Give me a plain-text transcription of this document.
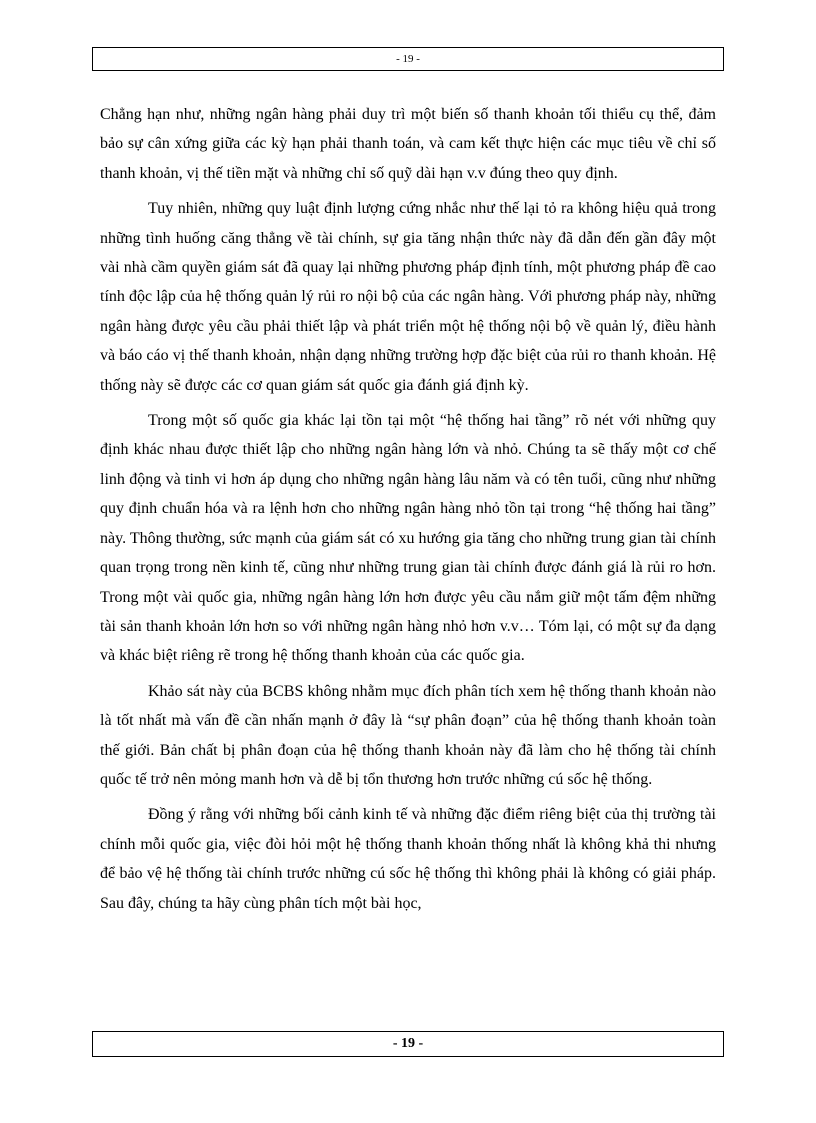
- 19 -

Chẳng hạn như, những ngân hàng phải duy trì một biến số thanh khoản tối thiểu cụ thể, đảm bảo sự cân xứng giữa các kỳ hạn phải thanh toán, và cam kết thực hiện các mục tiêu về chỉ số thanh khoản, vị thế tiền mặt và những chỉ số quỹ dài hạn v.v đúng theo quy định.

Tuy nhiên, những quy luật định lượng cứng nhắc như thế lại tỏ ra không hiệu quả trong những tình huống căng thẳng về tài chính, sự gia tăng nhận thức này đã dẫn đến gần đây một vài nhà cầm quyền giám sát đã quay lại những phương pháp định tính, một phương pháp đề cao tính độc lập của hệ thống quản lý rủi ro nội bộ của các ngân hàng. Với phương pháp này, những ngân hàng được yêu cầu phải thiết lập và phát triển một hệ thống nội bộ về quản lý, điều hành và báo cáo vị thế thanh khoản, nhận dạng những trường hợp đặc biệt của rủi ro thanh khoản. Hệ thống này sẽ được các cơ quan giám sát quốc gia đánh giá định kỳ.

Trong một số quốc gia khác lại tồn tại một “hệ thống hai tầng” rõ nét với những quy định khác nhau được thiết lập cho những ngân hàng lớn và nhỏ. Chúng ta sẽ thấy một cơ chế linh động và tinh vi hơn áp dụng cho những ngân hàng lâu năm và có tên tuổi, cũng như những quy định chuẩn hóa và ra lệnh hơn cho những ngân hàng nhỏ tồn tại trong “hệ thống hai tầng” này. Thông thường, sức mạnh của giám sát có xu hướng gia tăng cho những trung gian tài chính quan trọng trong nền kinh tế, cũng như những trung gian tài chính được đánh giá là rủi ro hơn. Trong một vài quốc gia, những ngân hàng lớn hơn được yêu cầu nắm giữ một tấm đệm những tài sản thanh khoản lớn hơn so với những ngân hàng nhỏ hơn v.v… Tóm lại, có một sự đa dạng và khác biệt riêng rẽ trong hệ thống thanh khoản của các quốc gia.

Khảo sát này của BCBS không nhằm mục đích phân tích xem hệ thống thanh khoản nào là tốt nhất mà vấn đề cần nhấn mạnh ở đây là “sự phân đoạn” của hệ thống thanh khoản toàn thế giới. Bản chất bị phân đoạn của hệ thống thanh khoản này đã làm cho hệ thống tài chính quốc tế trở nên mỏng manh hơn và dễ bị tổn thương hơn trước những cú sốc hệ thống.

Đồng ý rằng với những bối cảnh kinh tế và những đặc điểm riêng biệt của thị trường tài chính mỗi quốc gia, việc đòi hỏi một hệ thống thanh khoản thống nhất là không khả thi nhưng để bảo vệ hệ thống tài chính trước những cú sốc hệ thống thì không phải là không có giải pháp. Sau đây, chúng ta hãy cùng phân tích một bài học,

- 19 -
